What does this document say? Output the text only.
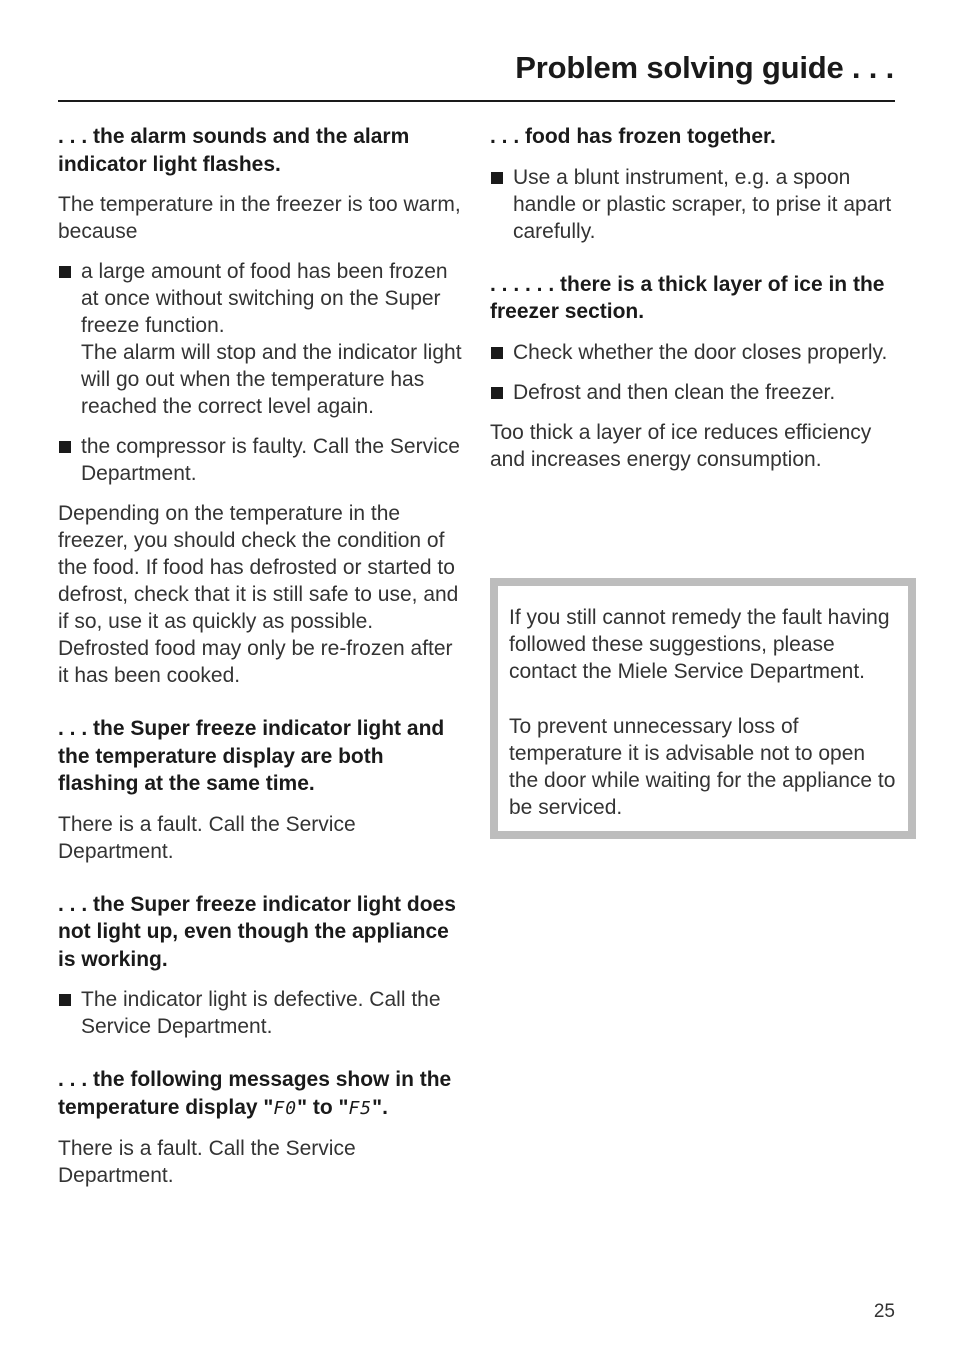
Problem solving guide . . .

. . . the alarm sounds and the alarm indicator light flashes.

The temperature in the freezer is too warm, because

a large amount of food has been frozen at once without switching on the Super freeze function.
The alarm will stop and the indicator light will go out when the temperature has reached the correct level again.
the compressor is faulty. Call the Service Department.

Depending on the temperature in the freezer, you should check the condition of the food. If food has defrosted or started to defrost, check that it is still safe to use, and if so, use it as quickly as possible. Defrosted food may only be re-frozen after it has been cooked.

. . . the Super freeze indicator light and the temperature display are both flashing at the same time.

There is a fault. Call the Service Department.

. . . the Super freeze indicator light does not light up, even though the appliance is working.

The indicator light is defective. Call the Service Department.

. . . the following messages show in the temperature display "F0" to "F5".

There is a fault. Call the Service Department.

. . . food has frozen together.

Use a blunt instrument, e.g. a spoon handle or plastic scraper, to prise it apart carefully.

. . . . . . there is a thick layer of ice in the freezer section.

Check whether the door closes properly.
Defrost and then clean the freezer.

Too thick a layer of ice reduces efficiency and increases energy consumption.

If you still cannot remedy the fault having followed these suggestions, please contact the Miele Service Department.

To prevent unnecessary loss of temperature it is advisable not to open the door while waiting for the appliance to be serviced.

25
